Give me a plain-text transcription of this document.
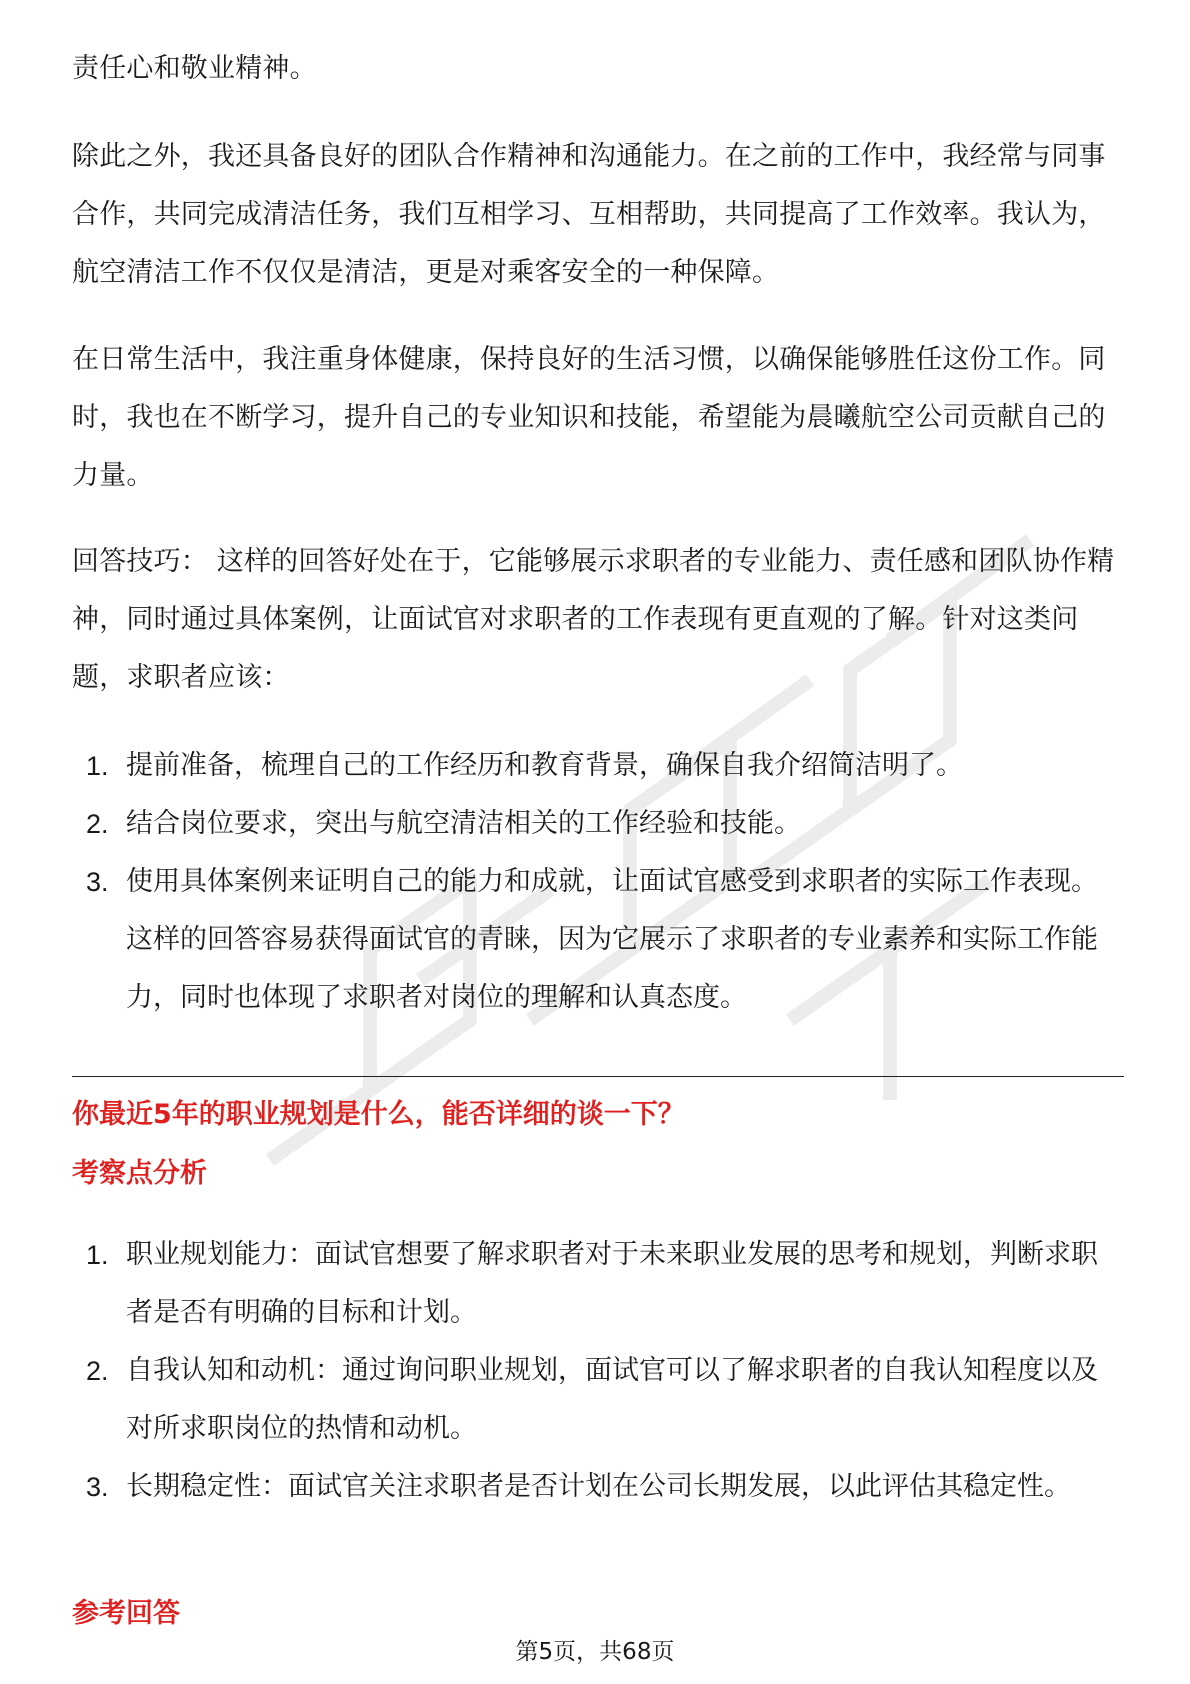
责任心和敬业精神。

除此之外，我还具备良好的团队合作精神和沟通能力。在之前的工作中，我经常与同事合作，共同完成清洁任务，我们互相学习、互相帮助，共同提高了工作效率。我认为，航空清洁工作不仅仅是清洁，更是对乘客安全的一种保障。

在日常生活中，我注重身体健康，保持良好的生活习惯，以确保能够胜任这份工作。同时，我也在不断学习，提升自己的专业知识和技能，希望能为晨曦航空公司贡献自己的力量。

回答技巧： 这样的回答好处在于，它能够展示求职者的专业能力、责任感和团队协作精神，同时通过具体案例，让面试官对求职者的工作表现有更直观的了解。针对这类问题，求职者应该：

1. 提前准备，梳理自己的工作经历和教育背景，确保自我介绍简洁明了。
2. 结合岗位要求，突出与航空清洁相关的工作经验和技能。
3. 使用具体案例来证明自己的能力和成就，让面试官感受到求职者的实际工作表现。 这样的回答容易获得面试官的青睐，因为它展示了求职者的专业素养和实际工作能力，同时也体现了求职者对岗位的理解和认真态度。
1. 职业规划能力：面试官想要了解求职者对于未来职业发展的思考和规划，判断求职者是否有明确的目标和计划。
2. 自我认知和动机：通过询问职业规划，面试官可以了解求职者的自我认知程度以及对所求职岗位的热情和动机。
3. 长期稳定性：面试官关注求职者是否计划在公司长期发展，以此评估其稳定性。
你最近5年的职业规划是什么，能否详细的谈一下？
考察点分析
参考回答
第5页，共68页
